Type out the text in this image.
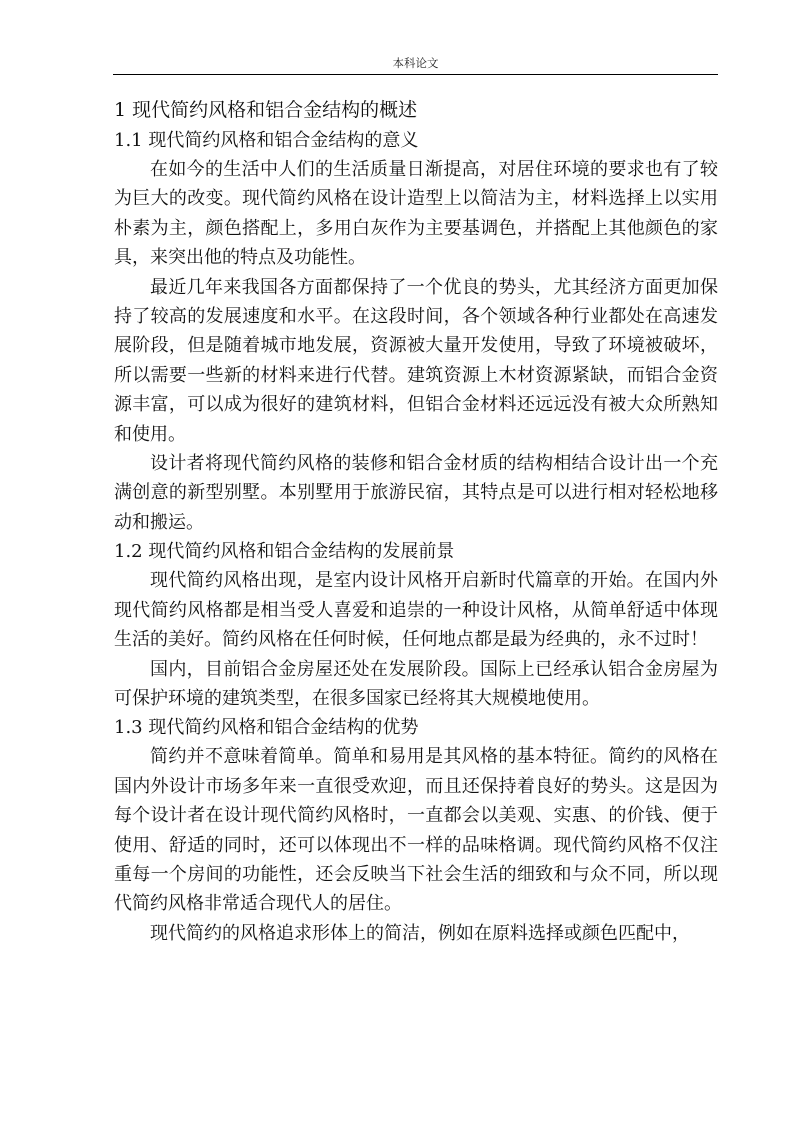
本科论文
1 现代简约风格和铝合金结构的概述
1.1 现代简约风格和铝合金结构的意义

在如今的生活中人们的生活质量日渐提高，对居住环境的要求也有了较为巨大的改变。现代简约风格在设计造型上以简洁为主，材料选择上以实用朴素为主，颜色搭配上，多用白灰作为主要基调色，并搭配上其他颜色的家具，来突出他的特点及功能性。

最近几年来我国各方面都保持了一个优良的势头，尤其经济方面更加保持了较高的发展速度和水平。在这段时间，各个领域各种行业都处在高速发展阶段，但是随着城市地发展，资源被大量开发使用，导致了环境被破坏，所以需要一些新的材料来进行代替。建筑资源上木材资源紧缺，而铝合金资源丰富，可以成为很好的建筑材料，但铝合金材料还远远没有被大众所熟知和使用。

设计者将现代简约风格的装修和铝合金材质的结构相结合设计出一个充满创意的新型别墅。本别墅用于旅游民宿，其特点是可以进行相对轻松地移动和搬运。

1.2 现代简约风格和铝合金结构的发展前景

现代简约风格出现，是室内设计风格开启新时代篇章的开始。在国内外现代简约风格都是相当受人喜爱和追崇的一种设计风格，从简单舒适中体现生活的美好。简约风格在任何时候，任何地点都是最为经典的，永不过时！

国内，目前铝合金房屋还处在发展阶段。国际上已经承认铝合金房屋为可保护环境的建筑类型，在很多国家已经将其大规模地使用。

1.3 现代简约风格和铝合金结构的优势

简约并不意味着简单。简单和易用是其风格的基本特征。简约的风格在国内外设计市场多年来一直很受欢迎，而且还保持着良好的势头。这是因为每个设计者在设计现代简约风格时，一直都会以美观、实惠、的价钱、便于使用、舒适的同时，还可以体现出不一样的品味格调。现代简约风格不仅注重每一个房间的功能性，还会反映当下社会生活的细致和与众不同，所以现代简约风格非常适合现代人的居住。

现代简约的风格追求形体上的简洁，例如在原料选择或颜色匹配中，
